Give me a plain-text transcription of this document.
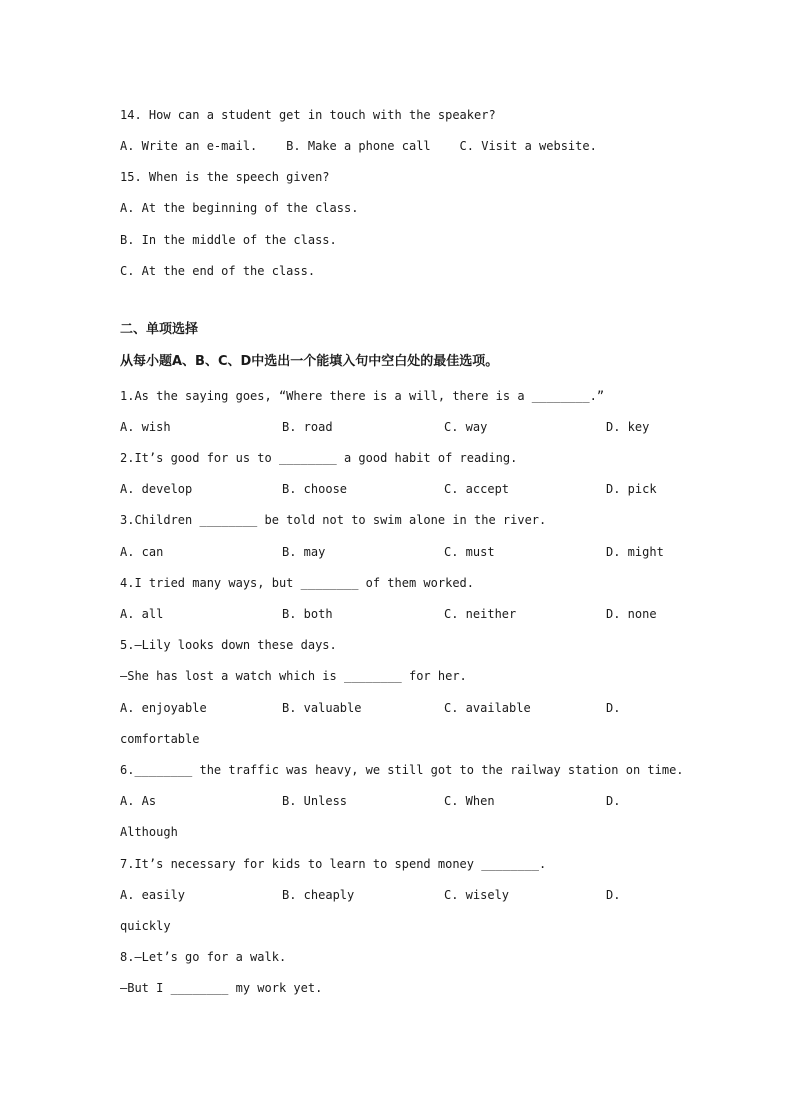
14. How can a student get in touch with the speaker?
A. Write an e-mail.    B. Make a phone call    C. Visit a website.
15. When is the speech given?
A. At the beginning of the class.
B. In the middle of the class.
C. At the end of the class.
二、单项选择
从每小题A、B、C、D中选出一个能填入句中空白处的最佳选项。
1.As the saying goes, “Where there is a will, there is a ________.”
A. wish	B. road	C. way	D. key
2.It’s good for us to ________ a good habit of reading.
A. develop	B. choose	C. accept	D. pick
3.Children ________ be told not to swim alone in the river.
A. can	B. may	C. must	D. might
4.I tried many ways, but ________ of them worked.
A. all	B. both	C. neither	D. none
5.—Lily looks down these days.
—She has lost a watch which is ________ for her.
A. enjoyable	B. valuable	C. available	D.
comfortable
6.________ the traffic was heavy, we still got to the railway station on time.
A. As	B. Unless	C. When	D.
Although
7.It’s necessary for kids to learn to spend money ________.
A. easily	B. cheaply	C. wisely	D.
quickly
8.—Let’s go for a walk.
—But I ________ my work yet.
